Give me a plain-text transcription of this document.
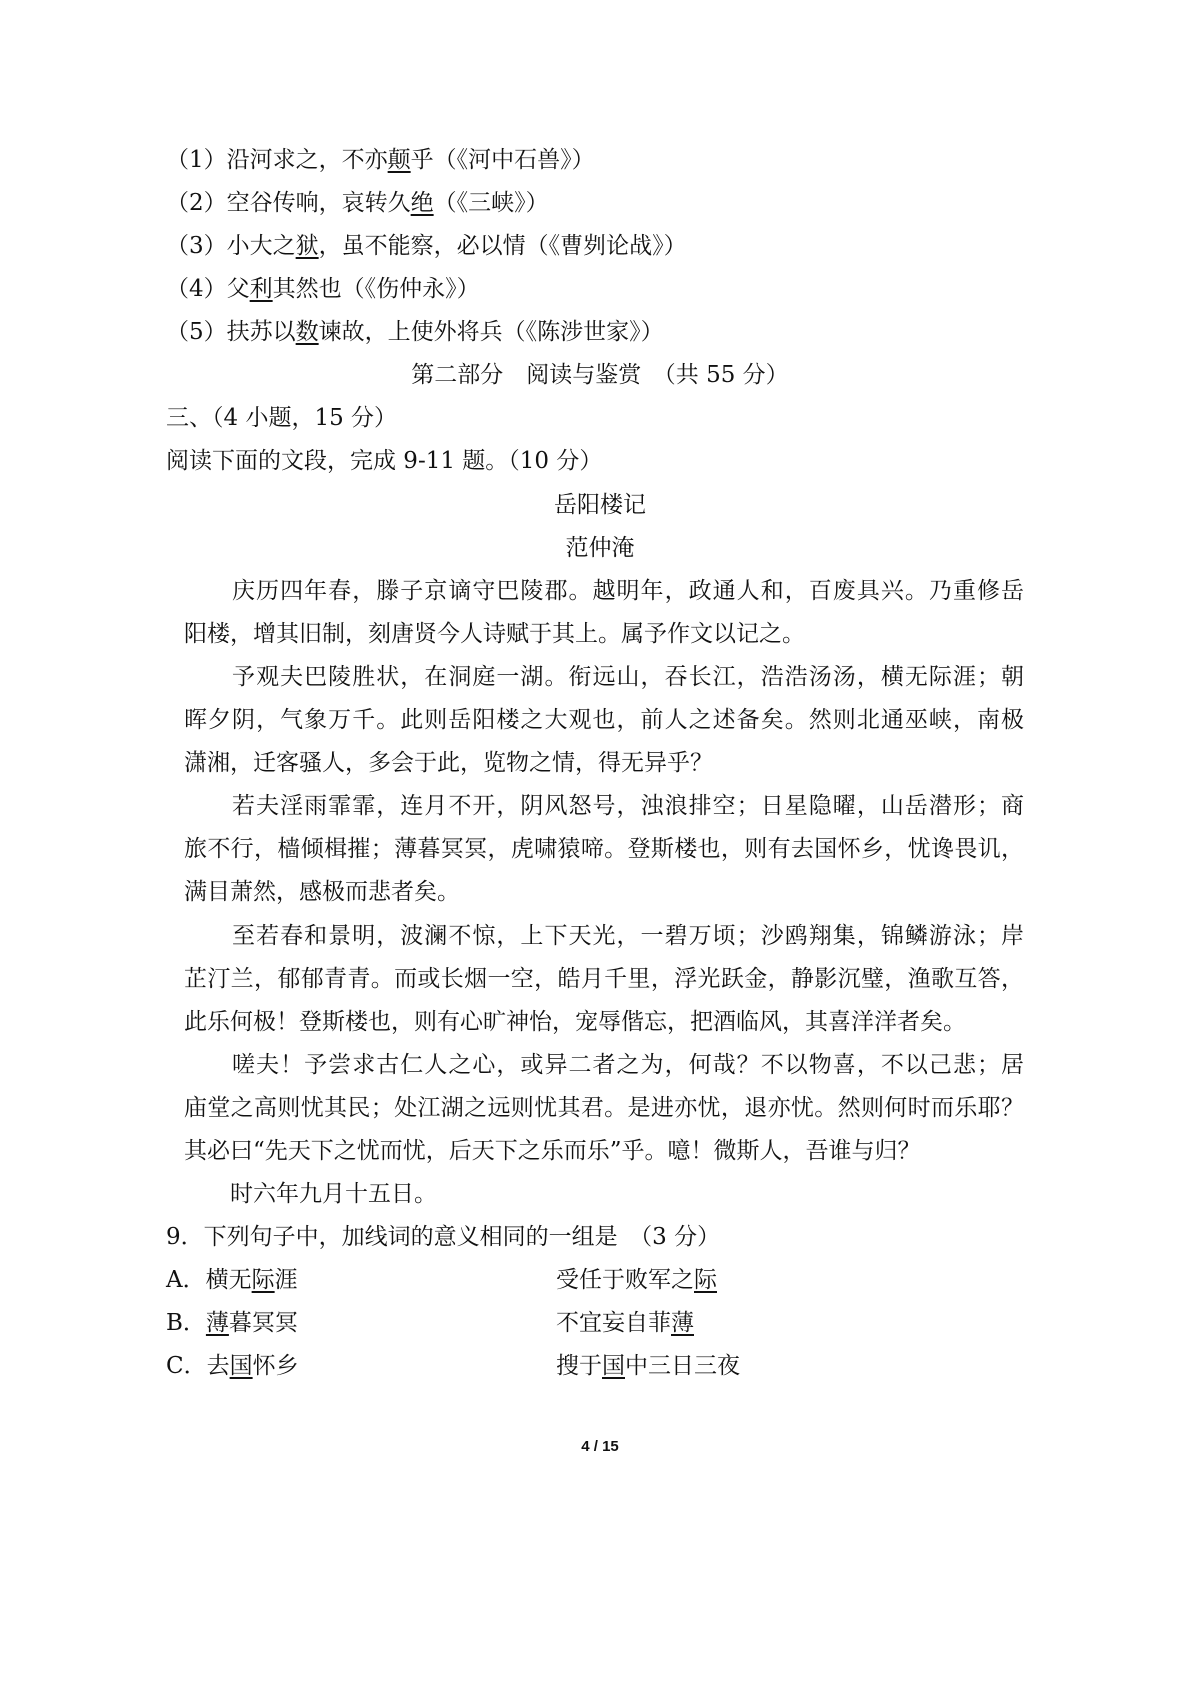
（1）沿河求之，不亦颠乎（《河中石兽》）
（2）空谷传响，哀转久绝（《三峡》）
（3）小大之狱，虽不能察，必以情（《曹刿论战》）
（4）父利其然也（《伤仲永》）
（5）扶苏以数谏故，上使外将兵（《陈涉世家》）
第二部分　阅读与鉴赏　（共 55 分）
三、（4 小题，15 分）
阅读下面的文段，完成 9-11 题。（10 分）
岳阳楼记
范仲淹
　　庆历四年春，滕子京谪守巴陵郡。越明年，政通人和，百废具兴。乃重修岳
阳楼，增其旧制，刻唐贤今人诗赋于其上。属予作文以记之。
　　予观夫巴陵胜状，在洞庭一湖。衔远山，吞长江，浩浩汤汤，横无际涯；朝
晖夕阴，气象万千。此则岳阳楼之大观也，前人之述备矣。然则北通巫峡，南极
潇湘，迁客骚人，多会于此，览物之情，得无异乎？
　　若夫淫雨霏霏，连月不开，阴风怒号，浊浪排空；日星隐曜，山岳潜形；商
旅不行，樯倾楫摧；薄暮冥冥，虎啸猿啼。登斯楼也，则有去国怀乡，忧谗畏讥，
满目萧然，感极而悲者矣。
　　至若春和景明，波澜不惊，上下天光，一碧万顷；沙鸥翔集，锦鳞游泳；岸
芷汀兰，郁郁青青。而或长烟一空，皓月千里，浮光跃金，静影沉璧，渔歌互答，
此乐何极！登斯楼也，则有心旷神怡，宠辱偕忘，把酒临风，其喜洋洋者矣。
　　嗟夫！予尝求古仁人之心，或异二者之为，何哉？不以物喜，不以己悲；居
庙堂之高则忧其民；处江湖之远则忧其君。是进亦忧，退亦忧。然则何时而乐耶？
其必曰“先天下之忧而忧，后天下之乐而乐”乎。噫！微斯人，吾谁与归？
　　时六年九月十五日。
9．下列句子中，加线词的意义相同的一组是　（3 分）
A．横无际涯	受任于败军之际
B．薄暮冥冥	不宜妄自菲薄
C．去国怀乡	搜于国中三日三夜
4 / 15
